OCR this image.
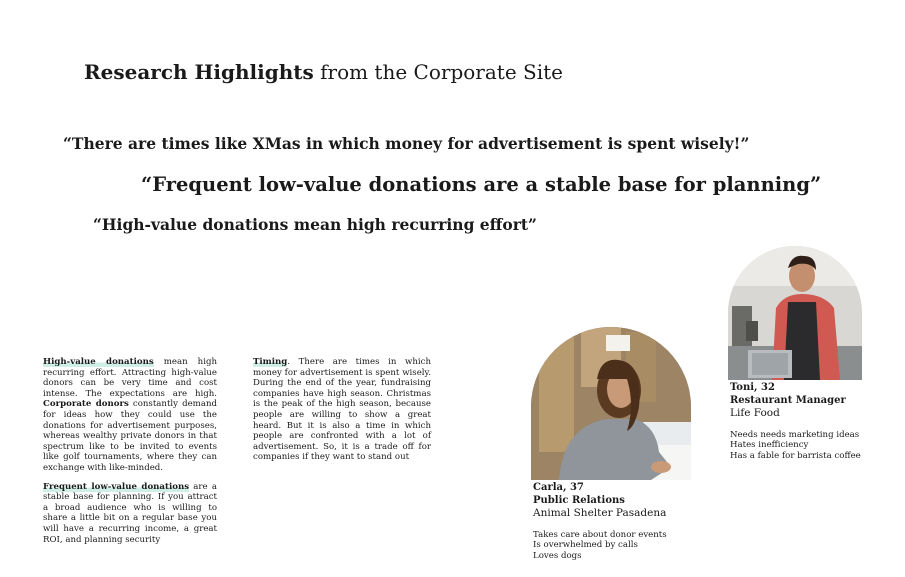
Research Highlights from the Corporate Site
“There are times like XMas in which money for advertisement is spent wisely!”
“Frequent low-value donations are a stable base for planning”
“High-value donations mean high recurring effort”

High-value donations mean high recurring effort. Attracting high-value donors can be very time and cost intense. The expectations are high. Corporate donors constantly demand for ideas how they could use the donations for advertisement purposes, whereas wealthy private donors in that spectrum like to be invited to events like golf tournaments, where they can exchange with like-minded.

Frequent low-value donations are a stable base for planning. If you attract a broad audience who is willing to share a little bit on a regular base you will have a recurring income, a great ROI, and planning security

Timing. There are times in which money for advertisement is spent wisely. During the end of the year, fundraising companies have high season. Christmas is the peak of the high season, because people are willing to show a great heard. But it is also a time in which people are confronted with a lot of advertisement. So, it is a trade off for companies if they want to stand out

Carla, 37
Public Relations
Animal Shelter Pasadena
Takes care about donor events
Is overwhelmed by calls
Loves dogs
Toni, 32
Restaurant Manager
Life Food
Needs needs marketing ideas
Hates inefficiency
Has a fable for barrista coffee
